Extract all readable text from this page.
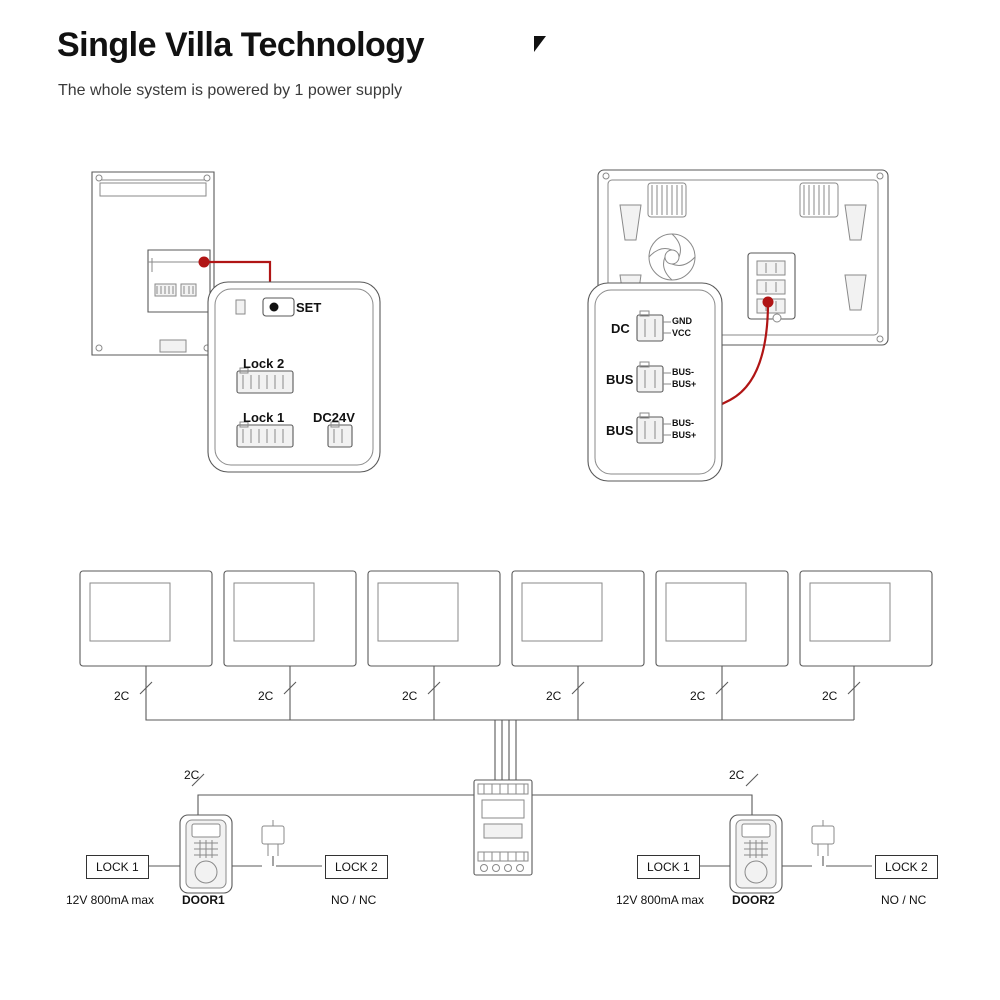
Single Villa Technology
The whole system is powered by 1 power supply
SET
Lock 2
Lock 1 DC24V
DC	GND
VCC
BUS	BUS-
BUS+
BUS	BUS-
BUS+
2C	2C	2C	2C	2C	2C
2C	2C
LOCK 1	LOCK 2
DOOR1
12V 800mA max	NO / NC
LOCK 1	LOCK 2
DOOR2
12V 800mA max	NO / NC
